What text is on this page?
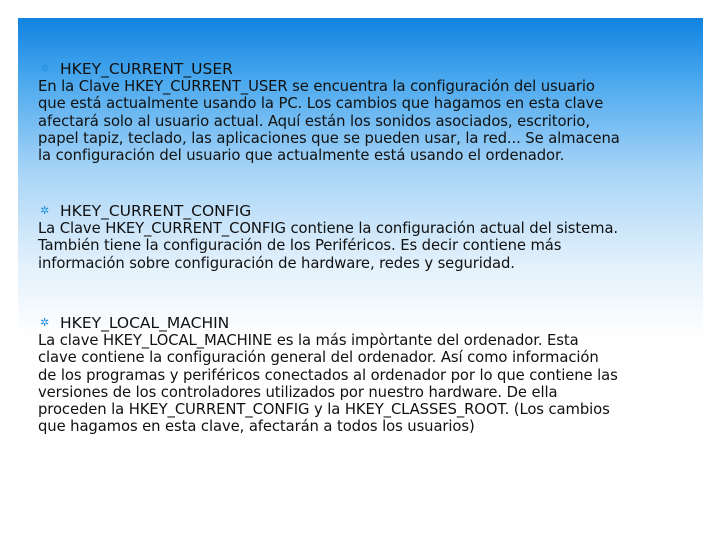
✲ HKEY_CURRENT_USER
En la Clave HKEY_CURRENT_USER se encuentra la configuración del usuario
que está actualmente usando la PC. Los cambios que hagamos en esta clave
afectará solo al usuario actual. Aquí están los sonidos asociados, escritorio,
papel tapiz, teclado, las aplicaciones que se pueden usar, la red... Se almacena
la configuración del usuario que actualmente está usando el ordenador.
✲ HKEY_CURRENT_CONFIG
La Clave HKEY_CURRENT_CONFIG contiene la configuración actual del sistema.
También tiene la configuración de los Periféricos. Es decir contiene más
información sobre configuración de hardware, redes y seguridad.
✲ HKEY_LOCAL_MACHIN
La clave HKEY_LOCAL_MACHINE es la más impòrtante del ordenador. Esta
clave contiene la configuración general del ordenador. Así como información
de los programas y periféricos conectados al ordenador por lo que contiene las
versiones de los controladores utilizados por nuestro hardware. De ella
proceden la HKEY_CURRENT_CONFIG y la HKEY_CLASSES_ROOT. (Los cambios
que hagamos en esta clave, afectarán a todos los usuarios)
